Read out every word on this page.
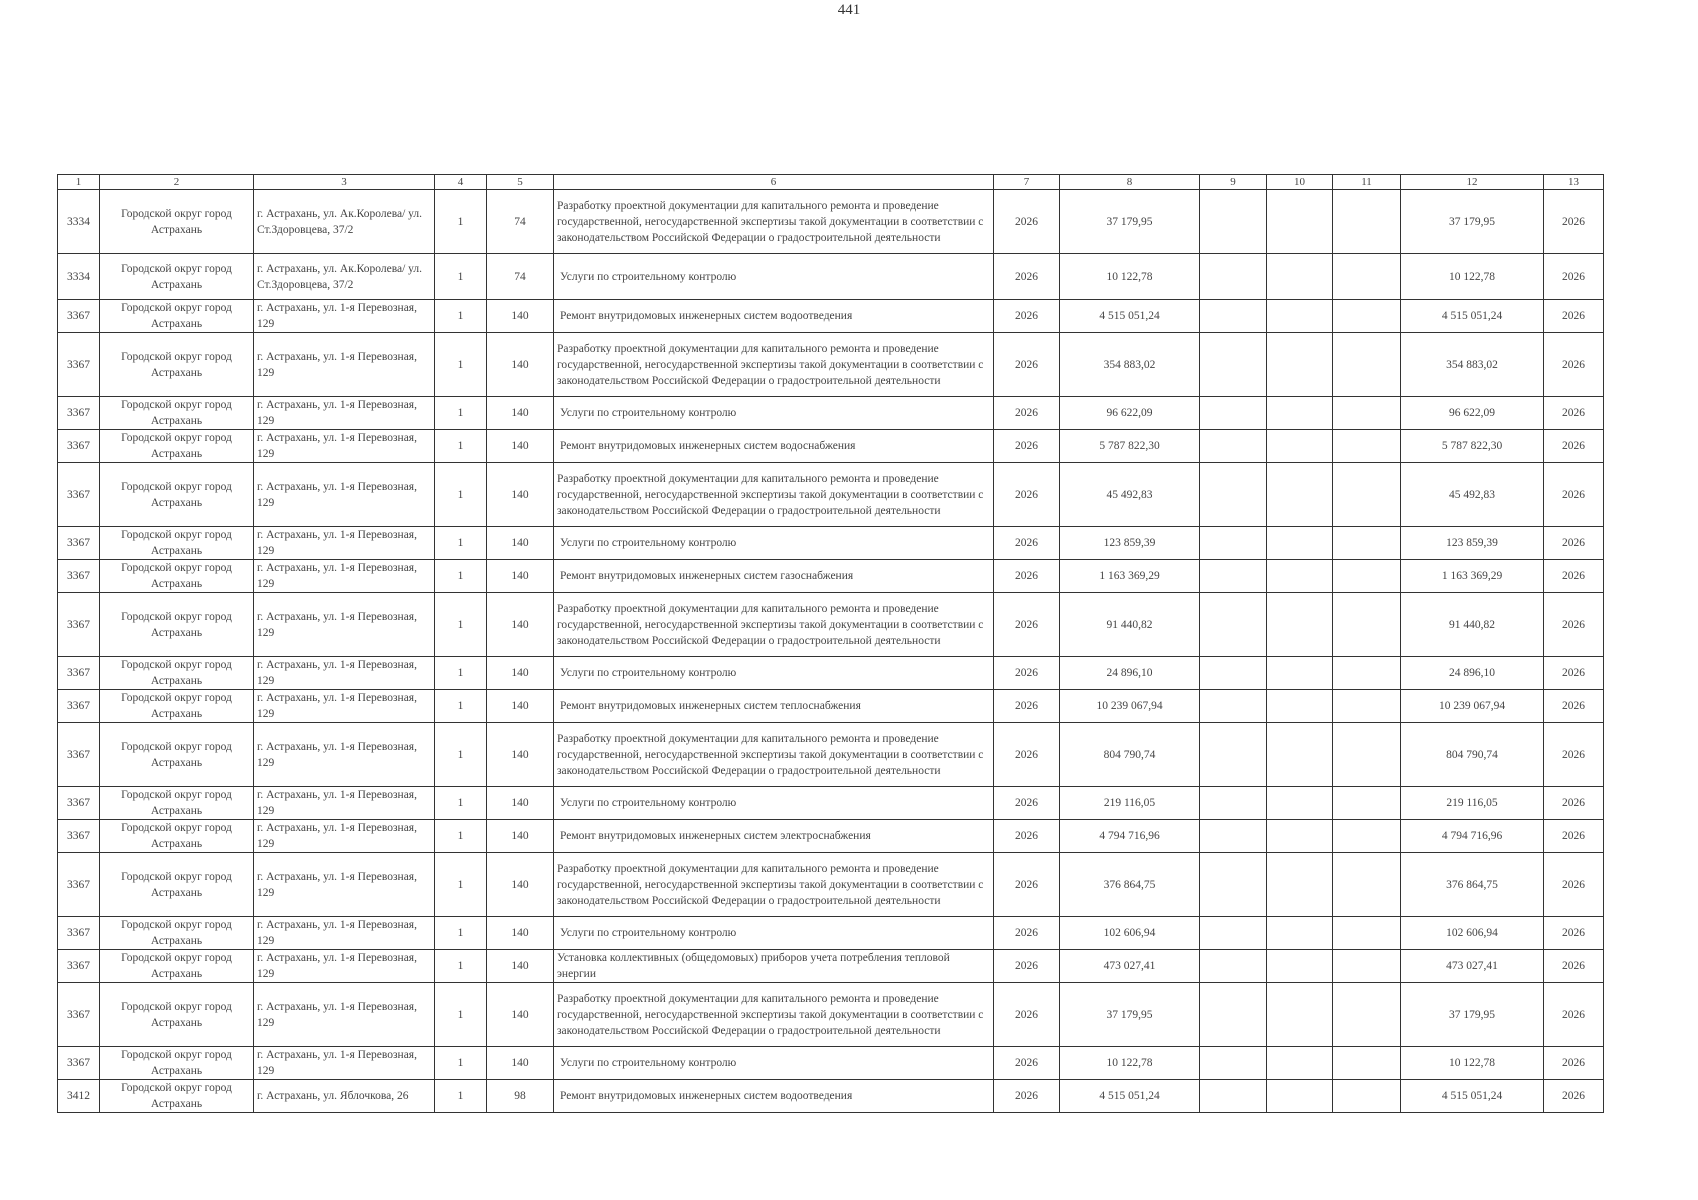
441
1	2	3	4	5	6	7	8	9	10	11	12	13
3334	Городской округ город Астрахань	г. Астрахань, ул. Ак.Королева/ ул. Ст.Здоровцева, 37/2	1	74	Разработку проектной документации для капитального ремонта и проведение государственной, негосударственной экспертизы такой документации в соответствии с законодательством Российской Федерации о градостроительной деятельности	2026	37 179,95				37 179,95	2026
3334	Городской округ город Астрахань	г. Астрахань, ул. Ак.Королева/ ул. Ст.Здоровцева, 37/2	1	74	Услуги по строительному контролю	2026	10 122,78				10 122,78	2026
3367	Городской округ город Астрахань	г. Астрахань, ул. 1-я Перевозная, 129	1	140	Ремонт внутридомовых инженерных систем водоотведения	2026	4 515 051,24				4 515 051,24	2026
3367	Городской округ город Астрахань	г. Астрахань, ул. 1-я Перевозная, 129	1	140	Разработку проектной документации для капитального ремонта и проведение государственной, негосударственной экспертизы такой документации в соответствии с законодательством Российской Федерации о градостроительной деятельности	2026	354 883,02				354 883,02	2026
3367	Городской округ город Астрахань	г. Астрахань, ул. 1-я Перевозная, 129	1	140	Услуги по строительному контролю	2026	96 622,09				96 622,09	2026
3367	Городской округ город Астрахань	г. Астрахань, ул. 1-я Перевозная, 129	1	140	Ремонт внутридомовых инженерных систем водоснабжения	2026	5 787 822,30				5 787 822,30	2026
3367	Городской округ город Астрахань	г. Астрахань, ул. 1-я Перевозная, 129	1	140	Разработку проектной документации для капитального ремонта и проведение государственной, негосударственной экспертизы такой документации в соответствии с законодательством Российской Федерации о градостроительной деятельности	2026	45 492,83				45 492,83	2026
3367	Городской округ город Астрахань	г. Астрахань, ул. 1-я Перевозная, 129	1	140	Услуги по строительному контролю	2026	123 859,39				123 859,39	2026
3367	Городской округ город Астрахань	г. Астрахань, ул. 1-я Перевозная, 129	1	140	Ремонт внутридомовых инженерных систем газоснабжения	2026	1 163 369,29				1 163 369,29	2026
3367	Городской округ город Астрахань	г. Астрахань, ул. 1-я Перевозная, 129	1	140	Разработку проектной документации для капитального ремонта и проведение государственной, негосударственной экспертизы такой документации в соответствии с законодательством Российской Федерации о градостроительной деятельности	2026	91 440,82				91 440,82	2026
3367	Городской округ город Астрахань	г. Астрахань, ул. 1-я Перевозная, 129	1	140	Услуги по строительному контролю	2026	24 896,10				24 896,10	2026
3367	Городской округ город Астрахань	г. Астрахань, ул. 1-я Перевозная, 129	1	140	Ремонт внутридомовых инженерных систем теплоснабжения	2026	10 239 067,94				10 239 067,94	2026
3367	Городской округ город Астрахань	г. Астрахань, ул. 1-я Перевозная, 129	1	140	Разработку проектной документации для капитального ремонта и проведение государственной, негосударственной экспертизы такой документации в соответствии с законодательством Российской Федерации о градостроительной деятельности	2026	804 790,74				804 790,74	2026
3367	Городской округ город Астрахань	г. Астрахань, ул. 1-я Перевозная, 129	1	140	Услуги по строительному контролю	2026	219 116,05				219 116,05	2026
3367	Городской округ город Астрахань	г. Астрахань, ул. 1-я Перевозная, 129	1	140	Ремонт внутридомовых инженерных систем электроснабжения	2026	4 794 716,96				4 794 716,96	2026
3367	Городской округ город Астрахань	г. Астрахань, ул. 1-я Перевозная, 129	1	140	Разработку проектной документации для капитального ремонта и проведение государственной, негосударственной экспертизы такой документации в соответствии с законодательством Российской Федерации о градостроительной деятельности	2026	376 864,75				376 864,75	2026
3367	Городской округ город Астрахань	г. Астрахань, ул. 1-я Перевозная, 129	1	140	Услуги по строительному контролю	2026	102 606,94				102 606,94	2026
3367	Городской округ город Астрахань	г. Астрахань, ул. 1-я Перевозная, 129	1	140	Установка коллективных (общедомовых) приборов учета потребления тепловой энергии	2026	473 027,41				473 027,41	2026
3367	Городской округ город Астрахань	г. Астрахань, ул. 1-я Перевозная, 129	1	140	Разработку проектной документации для капитального ремонта и проведение государственной, негосударственной экспертизы такой документации в соответствии с законодательством Российской Федерации о градостроительной деятельности	2026	37 179,95				37 179,95	2026
3367	Городской округ город Астрахань	г. Астрахань, ул. 1-я Перевозная, 129	1	140	Услуги по строительному контролю	2026	10 122,78				10 122,78	2026
3412	Городской округ город Астрахань	г. Астрахань, ул. Яблочкова, 26	1	98	Ремонт внутридомовых инженерных систем водоотведения	2026	4 515 051,24				4 515 051,24	2026
